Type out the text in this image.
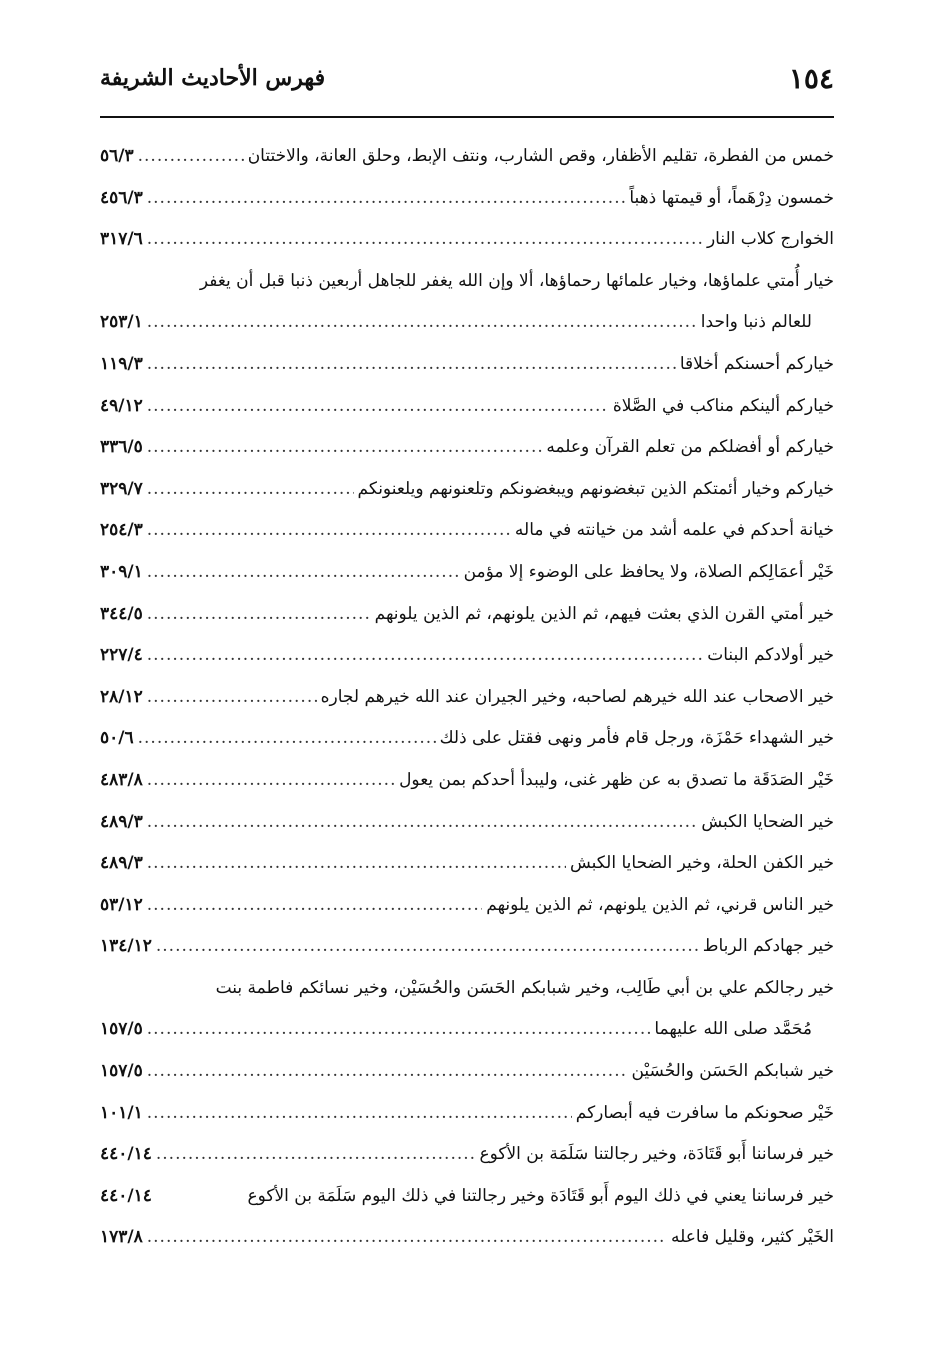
١٥٤
فهرس الأحاديث الشريفة
خمس من الفطرة، تقليم الأظفار، وقص الشارب، ونتف الإبط، وحلق العانة، والاختتان
.....
٥٦/٣
خمسون دِرْهَماً، أو قيمتها ذهباً
.....
٤٥٦/٣
الخوارج كلاب النار
.....
٣١٧/٦
خيار أُمتي علماؤها، وخيار علمائها رحماؤها، ألا وإن الله يغفر للجاهل أربعين ذنبا قبل أن يغفر
للعالم ذنبا واحدا
.....
٢٥٣/١
خياركم أحسنكم أخلاقا
.....
١١٩/٣
خياركم ألينكم مناكب في الصَّلاة
.....
٤٩/١٢
خياركم أو أفضلكم من تعلم القرآن وعلمه
.....
٣٣٦/٥
خياركم وخيار أئمتكم الذين تبغضونهم ويبغضونكم وتلعنونهم ويلعنونكم
.....
٣٢٩/٧
خيانة أحدكم في علمه أشد من خيانته في ماله
.....
٢٥٤/٣
خَيْر أعمَالِكم الصلاة، ولا يحافظ على الوضوء إلا مؤمن
.....
٣٠٩/١
خير أمتي القرن الذي بعثت فيهم، ثم الذين يلونهم، ثم الذين يلونهم
.....
٣٤٤/٥
خير أولادكم البنات
.....
٢٢٧/٤
خير الاصحاب عند الله خيرهم لصاحبه، وخير الجيران عند الله خيرهم لجاره
.....
٢٨/١٢
خير الشهداء حَمْزَة، ورجل قام فأمر ونهى فقتل على ذلك
.....
٥٠/٦
خَيْر الصَدَقَة ما تصدق به عن ظهر غنى، وليبدأ أحدكم بمن يعول
.....
٤٨٣/٨
خير الضحايا الكبش
.....
٤٨٩/٣
خير الكفن الحلة، وخير الضحايا الكبش
.....
٤٨٩/٣
خير الناس قرني، ثم الذين يلونهم، ثم الذين يلونهم
.....
٥٣/١٢
خير جهادكم الرباط
.....
١٣٤/١٢
خير رجالكم علي بن أبي طَالِب، وخير شبابكم الحَسَن والحُسَيْن، وخير نسائكم فاطمة بنت
مُحَمَّد صلى الله عليهما
.....
١٥٧/٥
خير شبابكم الحَسَن والحُسَيْن
.....
١٥٧/٥
خَيْر صحونكم ما سافرت فيه أبصاركم
.....
١٠١/١
خير فرساننا أَبو قَتَادَة، وخير رجالتنا سَلَمَة بن الأكوع
.....
٤٤٠/١٤
خير فرساننا يعني في ذلك اليوم أَبو قَتَادَة وخير رجالتنا في ذلك اليوم سَلَمَة بن الأكوع
٤٤٠/١٤
الخَيْر كثير، وقليل فاعله
.....
١٧٣/٨
